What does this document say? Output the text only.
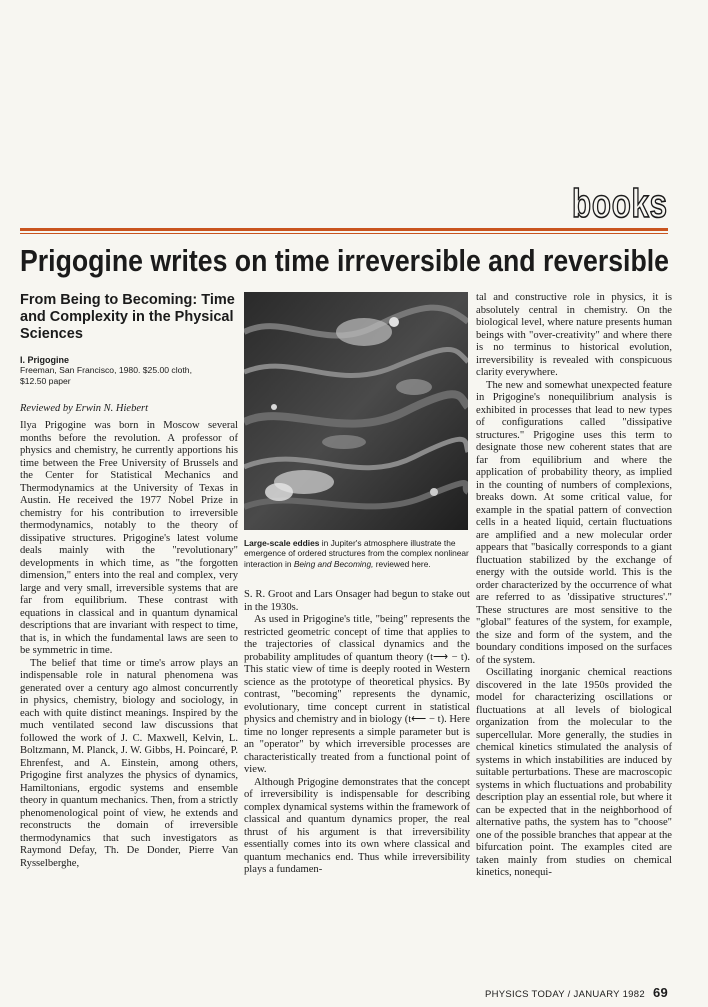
books
Prigogine writes on time irreversible and reversible
From Being to Becoming: Time and Complexity in the Physical Sciences
I. Prigogine
Freeman, San Francisco, 1980. $25.00 cloth,
$12.50 paper
Reviewed by Erwin N. Hiebert

Ilya Prigogine was born in Moscow several months before the revolution. A professor of physics and chemistry, he currently apportions his time between the Free University of Brussels and the Center for Statistical Mechanics and Thermodynamics at the University of Texas in Austin. He received the 1977 Nobel Prize in chemistry for his contribution to irreversible thermodynamics, notably to the theory of dissipative structures. Prigogine's latest volume deals mainly with the "revolutionary" developments in which time, as "the forgotten dimension," enters into the real and complex, very large and very small, irreversible systems that are far from equilibrium. These contrast with equations in classical and in quantum dynamical descriptions that are invariant with respect to time, that is, in which the fundamental laws are seen to be symmetric in time.

The belief that time or time's arrow plays an indispensable role in natural phenomena was generated over a century ago almost concurrently in physics, chemistry, biology and sociology, in each with quite distinct meanings. Inspired by the much ventilated second law discussions that followed the work of J. C. Maxwell, Kelvin, L. Boltzmann, M. Planck, J. W. Gibbs, H. Poincaré, P. Ehrenfest, and A. Einstein, among others, Prigogine first analyzes the physics of dynamics, Hamiltonians, ergodic systems and ensemble theory in quantum mechanics. Then, from a strictly phenomenological point of view, he extends and reconstructs the domain of irreversible thermodynamics that such investigators as Raymond Defay, Th. De Donder, Pierre Van Rysselberghe,

Large-scale eddies in Jupiter's atmosphere illustrate the emergence of ordered structures from the complex nonlinear interaction in Being and Becoming, reviewed here.

S. R. Groot and Lars Onsager had begun to stake out in the 1930s.

As used in Prigogine's title, "being" represents the restricted geometric concept of time that applies to the trajectories of classical dynamics and the probability amplitudes of quantum theory (t⟶ − t). This static view of time is deeply rooted in Western science as the prototype of theoretical physics. By contrast, "becoming" represents the dynamic, evolutionary, time concept current in statistical physics and chemistry and in biology (t⟵ − t). Here time no longer represents a simple parameter but is an "operator" by which irreversible processes are characteristically treated from a functional point of view.

Although Prigogine demonstrates that the concept of irreversibility is indispensable for describing complex dynamical systems within the framework of classical and quantum dynamics proper, the real thrust of his argument is that irreversibility essentially comes into its own where classical and quantum mechanics end. Thus while irreversibility plays a fundamen-

tal and constructive role in physics, it is absolutely central in chemistry. On the biological level, where nature presents human beings with "over-creativity" and where there is no terminus to historical evolution, irreversibility is revealed with conspicuous clarity everywhere.

The new and somewhat unexpected feature in Prigogine's nonequilibrium analysis is exhibited in processes that lead to new types of configurations called "dissipative structures." Prigogine uses this term to designate those new coherent states that are far from equilibrium and where the application of probability theory, as implied in the counting of numbers of complexions, breaks down. At some critical value, for example in the spatial pattern of convection cells in a heated liquid, certain fluctuations are amplified and a new molecular order appears that "basically corresponds to a giant fluctuation stabilized by the exchange of energy with the outside world. This is the order characterized by the occurrence of what are referred to as 'dissipative structures'." These structures are most sensitive to the "global" features of the system, for example, the size and form of the system, and the boundary conditions imposed on the surfaces of the system.

Oscillating inorganic chemical reactions discovered in the late 1950s provided the model for characterizing oscillations or fluctuations at all levels of biological organization from the molecular to the supercellular. More generally, the studies in chemical kinetics stimulated the analysis of systems in which instabilities are induced by suitable perturbations. These are macroscopic systems in which fluctuations and probability description play an essential role, but where it can be expected that in the neighborhood of alternative paths, the system has to "choose" one of the possible branches that appear at the bifurcation point. The examples cited are taken mainly from studies on chemical kinetics, nonequi-

PHYSICS TODAY / JANUARY 1982 69
